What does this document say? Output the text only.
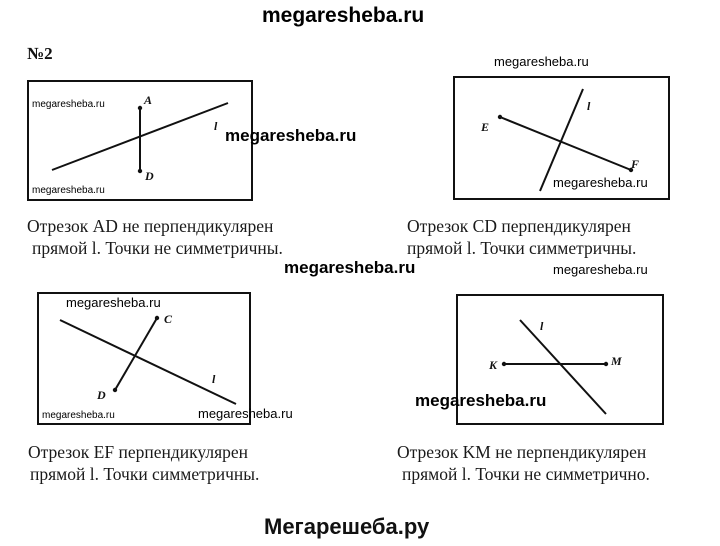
megaresheba.ru
№2
A
D
l
megaresheba.ru
megaresheba.ru
Отрезок AD не перпендикулярен
прямой l. Точки не симметричны.
E
F
l
megaresheba.ru
megaresheba.ru
Отрезок CD перпендикулярен
прямой l. Точки симметричны.
C
D
l
megaresheba.ru
megaresheba.ru	megaresheba.ru
Отрезок EF перпендикулярен
прямой l. Точки симметричны.
K	M
l
Отрезок KM не перпендикулярен
прямой l. Точки не симметрично.
megaresheba.ru
megaresheba.ru	megaresheba.ru
megaresheba.ru
Мегарешеба.ру
